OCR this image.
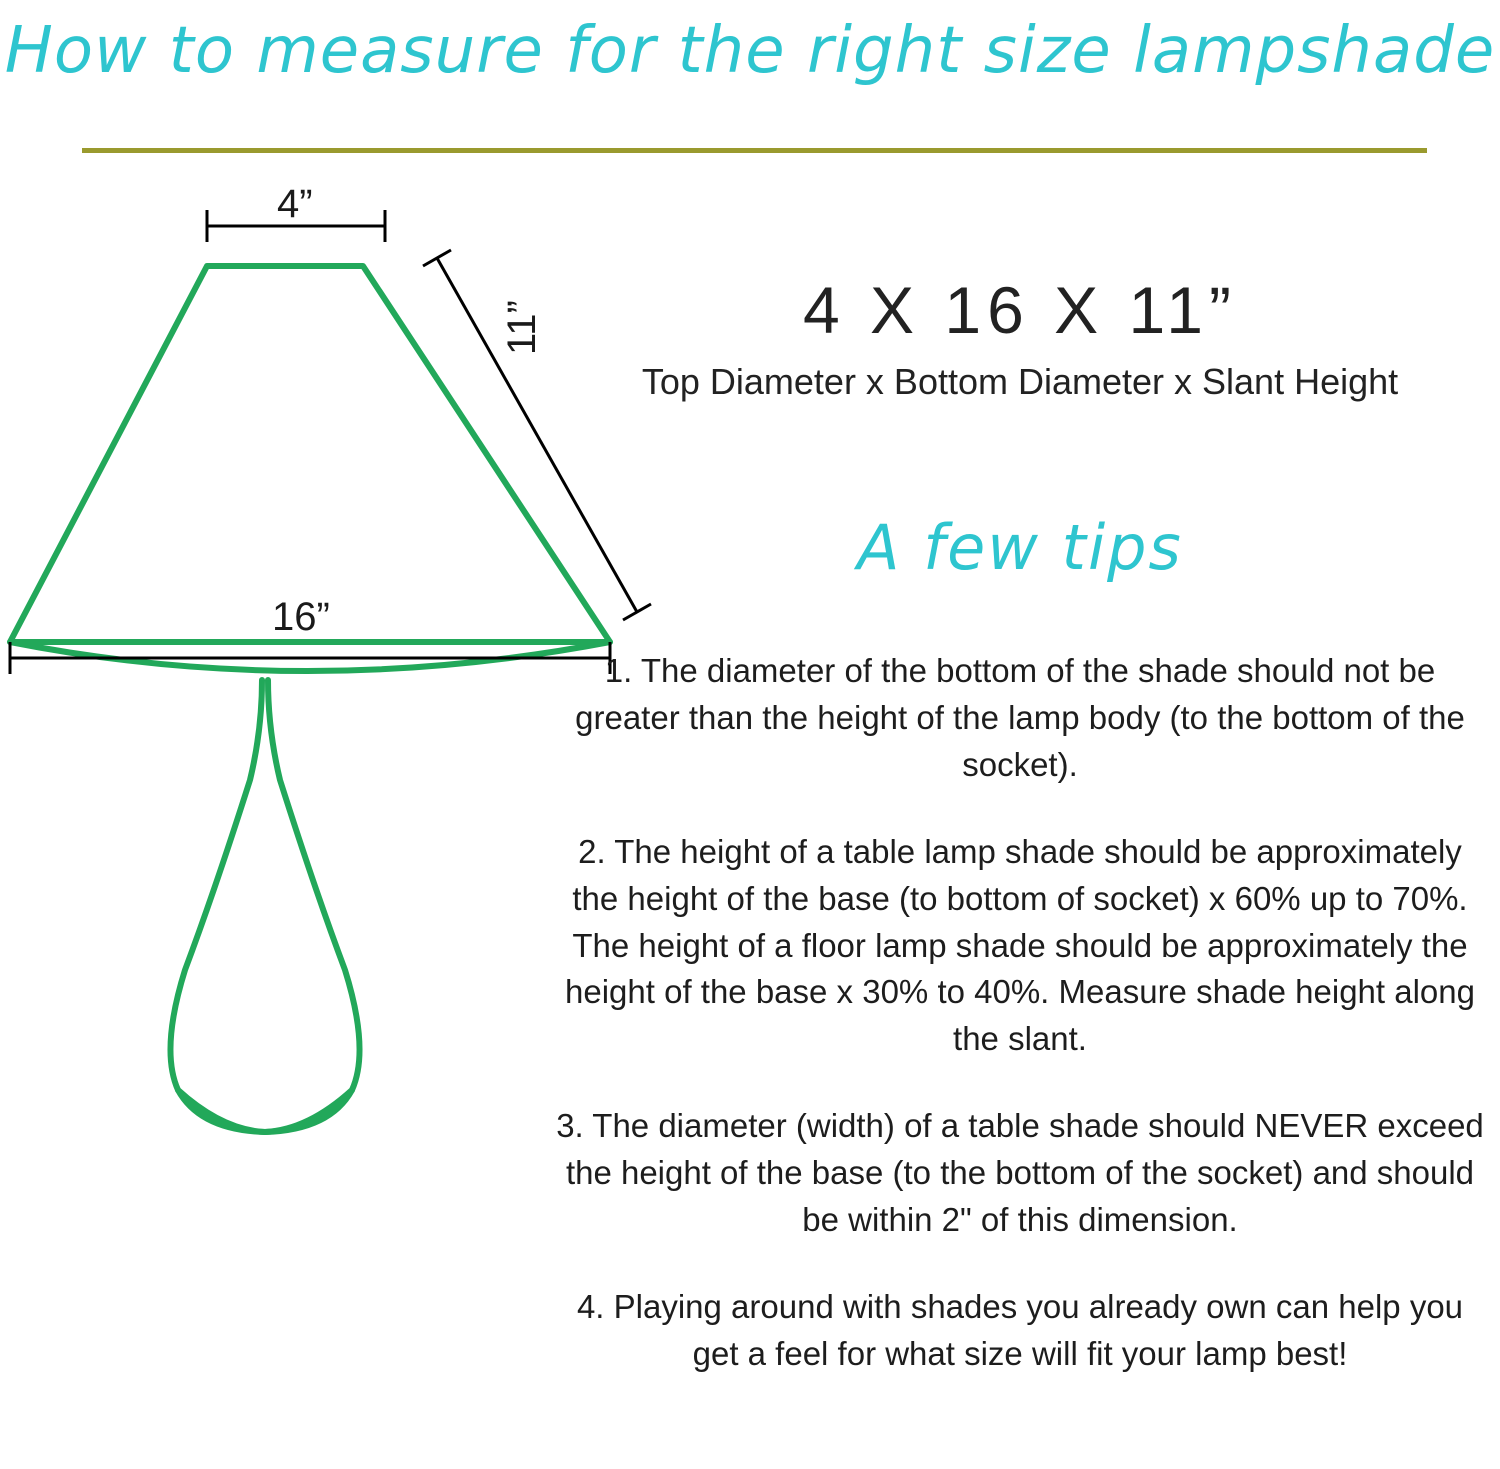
How to measure for the right size lampshade
4”
16”
11”	4 X 16 X 11”
Top Diameter x Bottom Diameter x Slant Height
A few tips
1. The diameter of the bottom of the shade should not be greater than the height of the lamp body (to the bottom of the socket).
2. The height of a table lamp shade should be approximately the height of the base (to bottom of socket) x 60% up to 70%. The height of a floor lamp shade should be approximately the height of the base x 30% to 40%. Measure shade height along the slant.
3. The diameter (width) of a table shade should NEVER exceed the height of the base (to the bottom of the socket) and should be within 2" of this dimension.
4. Playing around with shades you already own can help you get a feel for what size will fit your lamp best!
